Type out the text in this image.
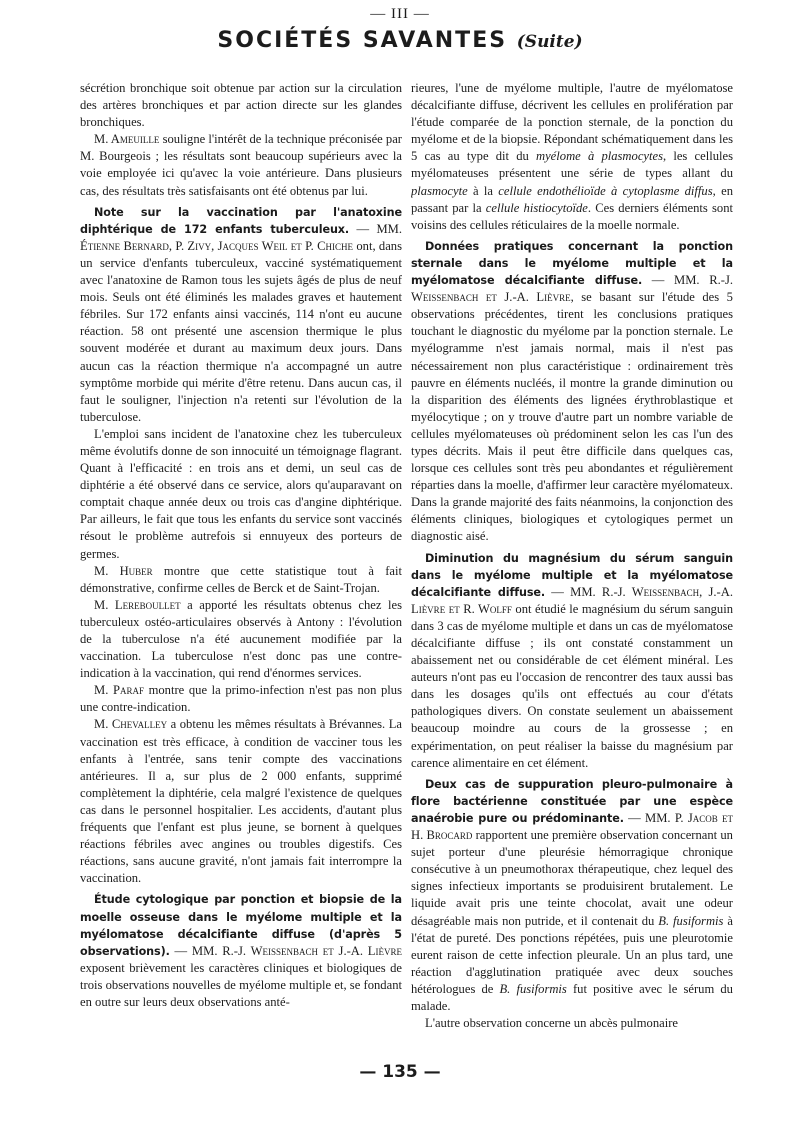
— III —
SOCIÉTÉS SAVANTES (Suite)

sécrétion bronchique soit obtenue par action sur la circulation des artères bronchiques et par action directe sur les glandes bronchiques.

M. Ameuille souligne l'intérêt de la technique préconisée par M. Bourgeois ; les résultats sont beaucoup supérieurs avec la voie employée ici qu'avec la voie antérieure. Dans plusieurs cas, des résultats très satisfaisants ont été obtenus par lui.

Note sur la vaccination par l'anatoxine diphtérique de 172 enfants tuberculeux. — MM. Étienne Bernard, P. Zivy, Jacques Weil et P. Chiche ont, dans un service d'enfants tuberculeux, vacciné systématiquement avec l'anatoxine de Ramon tous les sujets âgés de plus de neuf mois. Seuls ont été éliminés les malades graves et hautement fébriles. Sur 172 enfants ainsi vaccinés, 114 n'ont eu aucune réaction. 58 ont présenté une ascension thermique le plus souvent modérée et durant au maximum deux jours. Dans aucun cas la réaction thermique n'a accompagné un autre symptôme morbide qui mérite d'être retenu. Dans aucun cas, il faut le souligner, l'injection n'a retenti sur l'évolution de la tuberculose.

L'emploi sans incident de l'anatoxine chez les tuberculeux même évolutifs donne de son innocuité un témoignage flagrant. Quant à l'efficacité : en trois ans et demi, un seul cas de diphtérie a été observé dans ce service, alors qu'auparavant on comptait chaque année deux ou trois cas d'angine diphtérique. Par ailleurs, le fait que tous les enfants du service sont vaccinés résout le problème autrefois si ennuyeux des porteurs de germes.

M. Huber montre que cette statistique tout à fait démonstrative, confirme celles de Berck et de Saint-Trojan.

M. Lereboullet a apporté les résultats obtenus chez les tuberculeux ostéo-articulaires observés à Antony : l'évolution de la tuberculose n'a été aucunement modifiée par la vaccination. La tuberculose n'est donc pas une contre-indication à la vaccination, qui rend d'énormes services.

M. Paraf montre que la primo-infection n'est pas non plus une contre-indication.

M. Chevalley a obtenu les mêmes résultats à Brévannes. La vaccination est très efficace, à condition de vacciner tous les enfants à l'entrée, sans tenir compte des vaccinations antérieures. Il a, sur plus de 2 000 enfants, supprimé complètement la diphtérie, cela malgré l'existence de quelques cas dans le personnel hospitalier. Les accidents, d'autant plus fréquents que l'enfant est plus jeune, se bornent à quelques réactions fébriles avec angines ou troubles digestifs. Ces réactions, sans aucune gravité, n'ont jamais fait interrompre la vaccination.

Étude cytologique par ponction et biopsie de la moelle osseuse dans le myélome multiple et la myélomatose décalcifiante diffuse (d'après 5 observations). — MM. R.-J. Weissenbach et J.-A. Lièvre exposent brièvement les caractères cliniques et biologiques de trois observations nouvelles de myélome multiple et, se fondant en outre sur leurs deux observations anté-

rieures, l'une de myélome multiple, l'autre de myélomatose décalcifiante diffuse, décrivent les cellules en prolifération par l'étude comparée de la ponction sternale, de la ponction du myélome et de la biopsie. Répondant schématiquement dans les 5 cas au type dit du myélome à plasmocytes, les cellules myélomateuses présentent une série de types allant du plasmocyte à la cellule endothélioïde à cytoplasme diffus, en passant par la cellule histiocytoïde. Ces derniers éléments sont voisins des cellules réticulaires de la moelle normale.

Données pratiques concernant la ponction sternale dans le myélome multiple et la myélomatose décalcifiante diffuse. — MM. R.-J. Weissenbach et J.-A. Lièvre, se basant sur l'étude des 5 observations précédentes, tirent les conclusions pratiques touchant le diagnostic du myélome par la ponction sternale. Le myélogramme n'est jamais normal, mais il n'est pas nécessairement non plus caractéristique : ordinairement très pauvre en éléments nucléés, il montre la grande diminution ou la disparition des éléments des lignées érythroblastique et myélocytique ; on y trouve d'autre part un nombre variable de cellules myélomateuses où prédominent selon les cas l'un des types décrits. Mais il peut être difficile dans quelques cas, lorsque ces cellules sont très peu abondantes et régulièrement réparties dans la moelle, d'affirmer leur caractère myélomateux. Dans la grande majorité des faits néanmoins, la conjonction des éléments cliniques, biologiques et cytologiques permet un diagnostic aisé.

Diminution du magnésium du sérum sanguin dans le myélome multiple et la myélomatose décalcifiante diffuse. — MM. R.-J. Weissenbach, J.-A. Lièvre et R. Wolff ont étudié le magnésium du sérum sanguin dans 3 cas de myélome multiple et dans un cas de myélomatose décalcifiante diffuse ; ils ont constaté constamment un abaissement net ou considérable de cet élément minéral. Les auteurs n'ont pas eu l'occasion de rencontrer des taux aussi bas dans les dosages qu'ils ont effectués au cour d'états pathologiques divers. On constate seulement un abaissement beaucoup moindre au cours de la grossesse ; en expérimentation, on peut réaliser la baisse du magnésium par carence alimentaire en cet élément.

Deux cas de suppuration pleuro-pulmonaire à flore bactérienne constituée par une espèce anaérobie pure ou prédominante. — MM. P. Jacob et H. Brocard rapportent une première observation concernant un sujet porteur d'une pleurésie hémorragique chronique consécutive à un pneumothorax thérapeutique, chez lequel des signes infectieux importants se produisirent brutalement. Le liquide avait pris une teinte chocolat, avait une odeur désagréable mais non putride, et il contenait du B. fusiformis à l'état de pureté. Des ponctions répétées, puis une pleurotomie eurent raison de cette infection pleurale. Un an plus tard, une réaction d'agglutination pratiquée avec deux souches hétérologues de B. fusiformis fut positive avec le sérum du malade.

L'autre observation concerne un abcès pulmonaire

— 135 —
